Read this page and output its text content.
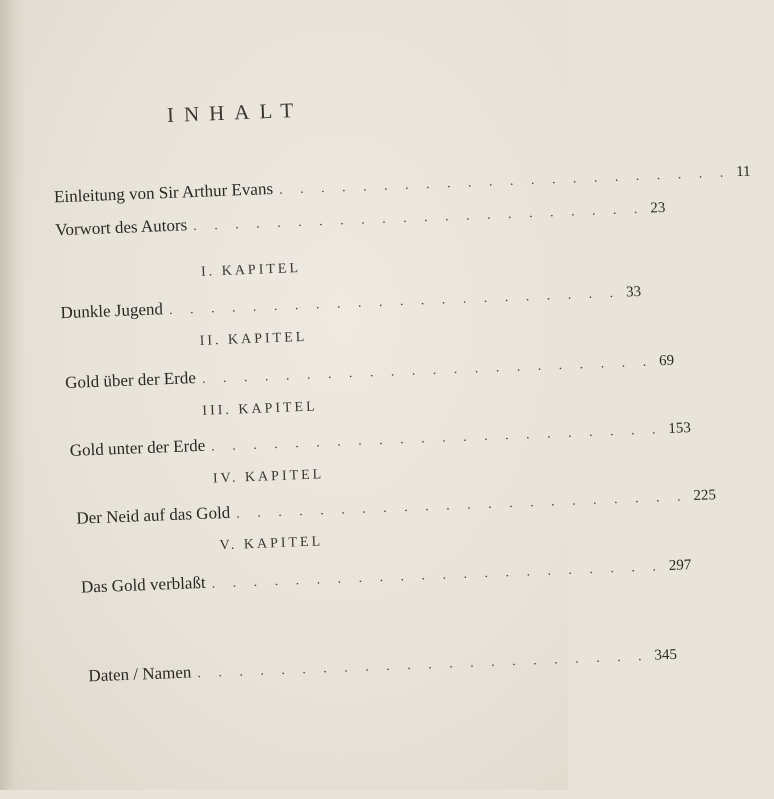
INHALT
Einleitung von Sir Arthur Evans . . . . . . . . . . . . . . . . . . . . . . 11
Vorwort des Autors . . . . . . . . . . . . . . . . . . . . . . 23
I. KAPITEL
Dunkle Jugend . . . . . . . . . . . . . . . . . . . . . . 33
II. KAPITEL
Gold über der Erde . . . . . . . . . . . . . . . . . . . . . . 69
III. KAPITEL
Gold unter der Erde . . . . . . . . . . . . . . . . . . . . . . 153
IV. KAPITEL
Der Neid auf das Gold . . . . . . . . . . . . . . . . . . . . . . 225
V. KAPITEL
Das Gold verblaßt . . . . . . . . . . . . . . . . . . . . . . 297
Daten / Namen . . . . . . . . . . . . . . . . . . . . . . 345
